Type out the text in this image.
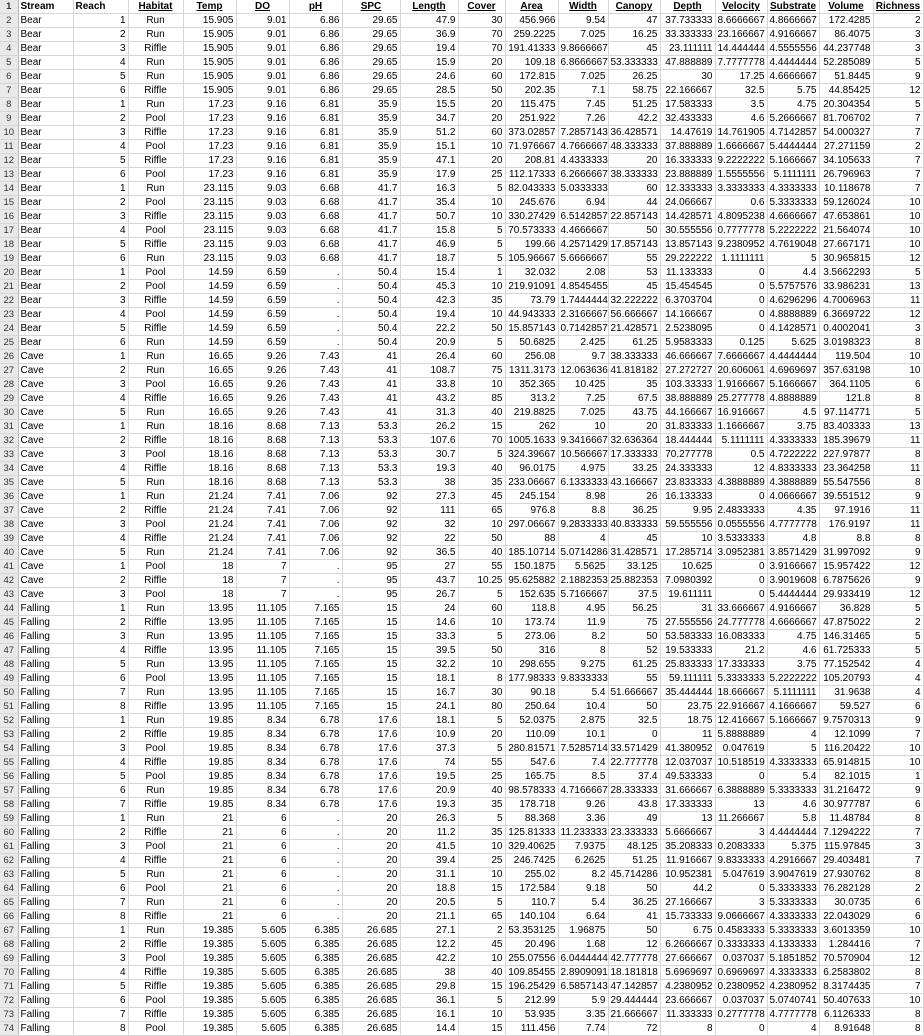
1	Stream	Reach	Habitat	Temp	DO	pH	SPC	Length	Cover	Area	Width	Canopy	Depth	Velocity	Substrate	Volume	Richness
2	Bear	1	Run	15.905	9.01	6.86	29.65	47.9	30	456.966	9.54	47	37.733333	8.6666667	4.8666667	172.4285	2
3	Bear	2	Run	15.905	9.01	6.86	29.65	36.9	70	259.2225	7.025	16.25	33.333333	23.166667	4.9166667	86.4075	3
4	Bear	3	Riffle	15.905	9.01	6.86	29.65	19.4	70	191.41333	9.8666667	45	23.111111	14.444444	4.5555556	44.237748	3
5	Bear	4	Run	15.905	9.01	6.86	29.65	15.9	20	109.18	6.8666667	53.333333	47.888889	7.7777778	4.4444444	52.285089	5
6	Bear	5	Run	15.905	9.01	6.86	29.65	24.6	60	172.815	7.025	26.25	30	17.25	4.6666667	51.8445	9
7	Bear	6	Riffle	15.905	9.01	6.86	29.65	28.5	50	202.35	7.1	58.75	22.166667	32.5	5.75	44.85425	12
8	Bear	1	Run	17.23	9.16	6.81	35.9	15.5	20	115.475	7.45	51.25	17.583333	3.5	4.75	20.304354	5
9	Bear	2	Pool	17.23	9.16	6.81	35.9	34.7	20	251.922	7.26	42.2	32.433333	4.6	5.2666667	81.706702	7
10	Bear	3	Riffle	17.23	9.16	6.81	35.9	51.2	60	373.02857	7.2857143	36.428571	14.47619	14.761905	4.7142857	54.000327	7
11	Bear	4	Pool	17.23	9.16	6.81	35.9	15.1	10	71.976667	4.7666667	48.333333	37.888889	1.6666667	5.4444444	27.271159	2
12	Bear	5	Riffle	17.23	9.16	6.81	35.9	47.1	20	208.81	4.4333333	20	16.333333	9.2222222	5.1666667	34.105633	7
13	Bear	6	Pool	17.23	9.16	6.81	35.9	17.9	25	112.17333	6.2666667	38.333333	23.888889	1.5555556	5.1111111	26.796963	7
14	Bear	1	Run	23.115	9.03	6.68	41.7	16.3	5	82.043333	5.0333333	60	12.333333	3.3333333	4.3333333	10.118678	7
15	Bear	2	Pool	23.115	9.03	6.68	41.7	35.4	10	245.676	6.94	44	24.066667	0.6	5.3333333	59.126024	10
16	Bear	3	Riffle	23.115	9.03	6.68	41.7	50.7	10	330.27429	6.5142857	22.857143	14.428571	4.8095238	4.6666667	47.653861	10
17	Bear	4	Pool	23.115	9.03	6.68	41.7	15.8	5	70.573333	4.4666667	50	30.555556	0.7777778	5.2222222	21.564074	10
18	Bear	5	Riffle	23.115	9.03	6.68	41.7	46.9	5	199.66	4.2571429	17.857143	13.857143	9.2380952	4.7619048	27.667171	10
19	Bear	6	Run	23.115	9.03	6.68	41.7	18.7	5	105.96667	5.6666667	55	29.222222	1.1111111	5	30.965815	12
20	Bear	1	Pool	14.59	6.59	.	50.4	15.4	1	32.032	2.08	53	11.133333	0	4.4	3.5662293	5
21	Bear	2	Pool	14.59	6.59	.	50.4	45.3	10	219.91091	4.8545455	45	15.454545	0	5.5757576	33.986231	13
22	Bear	3	Riffle	14.59	6.59	.	50.4	42.3	35	73.79	1.7444444	32.222222	6.3703704	0	4.6296296	4.7006963	11
23	Bear	4	Pool	14.59	6.59	.	50.4	19.4	10	44.943333	2.3166667	56.666667	14.166667	0	4.8888889	6.3669722	12
24	Bear	5	Riffle	14.59	6.59	.	50.4	22.2	50	15.857143	0.7142857	21.428571	2.5238095	0	4.1428571	0.4002041	3
25	Bear	6	Run	14.59	6.59	.	50.4	20.9	5	50.6825	2.425	61.25	5.9583333	0.125	5.625	3.0198323	8
26	Cave	1	Run	16.65	9.26	7.43	41	26.4	60	256.08	9.7	38.333333	46.666667	7.6666667	4.4444444	119.504	10
27	Cave	2	Run	16.65	9.26	7.43	41	108.7	75	1311.3173	12.063636	41.818182	27.272727	20.606061	4.6969697	357.63198	10
28	Cave	3	Pool	16.65	9.26	7.43	41	33.8	10	352.365	10.425	35	103.33333	1.9166667	5.1666667	364.1105	6
29	Cave	4	Riffle	16.65	9.26	7.43	41	43.2	85	313.2	7.25	67.5	38.888889	25.277778	4.8888889	121.8	8
30	Cave	5	Run	16.65	9.26	7.43	41	31.3	40	219.8825	7.025	43.75	44.166667	16.916667	4.5	97.114771	5
31	Cave	1	Run	18.16	8.68	7.13	53.3	26.2	15	262	10	20	31.833333	1.1666667	3.75	83.403333	13
32	Cave	2	Riffle	18.16	8.68	7.13	53.3	107.6	70	1005.1633	9.3416667	32.636364	18.444444	5.1111111	4.3333333	185.39679	11
33	Cave	3	Pool	18.16	8.68	7.13	53.3	30.7	5	324.39667	10.566667	17.333333	70.277778	0.5	4.7222222	227.97877	8
34	Cave	4	Riffle	18.16	8.68	7.13	53.3	19.3	40	96.0175	4.975	33.25	24.333333	12	4.8333333	23.364258	11
35	Cave	5	Run	18.16	8.68	7.13	53.3	38	35	233.06667	6.1333333	43.166667	23.833333	4.3888889	4.3888889	55.547556	8
36	Cave	1	Run	21.24	7.41	7.06	92	27.3	45	245.154	8.98	26	16.133333	0	4.0666667	39.551512	9
37	Cave	2	Riffle	21.24	7.41	7.06	92	111	65	976.8	8.8	36.25	9.95	2.4833333	4.35	97.1916	11
38	Cave	3	Pool	21.24	7.41	7.06	92	32	10	297.06667	9.2833333	40.833333	59.555556	0.0555556	4.7777778	176.9197	11
39	Cave	4	Riffle	21.24	7.41	7.06	92	22	50	88	4	45	10	3.5333333	4.8	8.8	8
40	Cave	5	Run	21.24	7.41	7.06	92	36.5	40	185.10714	5.0714286	31.428571	17.285714	3.0952381	3.8571429	31.997092	9
41	Cave	1	Pool	18	7	.	95	27	55	150.1875	5.5625	33.125	10.625	0	3.9166667	15.957422	12
42	Cave	2	Riffle	18	7	.	95	43.7	10.25	95.625882	2.1882353	25.882353	7.0980392	0	3.9019608	6.7875626	9
43	Cave	3	Pool	18	7	.	95	26.7	5	152.635	5.7166667	37.5	19.611111	0	5.4444444	29.933419	12
44	Falling	1	Run	13.95	11.105	7.165	15	24	60	118.8	4.95	56.25	31	33.666667	4.9166667	36.828	5
45	Falling	2	Riffle	13.95	11.105	7.165	15	14.6	10	173.74	11.9	75	27.555556	24.777778	4.6666667	47.875022	2
46	Falling	3	Run	13.95	11.105	7.165	15	33.3	5	273.06	8.2	50	53.583333	16.083333	4.75	146.31465	5
47	Falling	4	Riffle	13.95	11.105	7.165	15	39.5	50	316	8	52	19.533333	21.2	4.6	61.725333	5
48	Falling	5	Run	13.95	11.105	7.165	15	32.2	10	298.655	9.275	61.25	25.833333	17.333333	3.75	77.152542	4
49	Falling	6	Pool	13.95	11.105	7.165	15	18.1	8	177.98333	9.8333333	55	59.111111	5.3333333	5.2222222	105.20793	4
50	Falling	7	Run	13.95	11.105	7.165	15	16.7	30	90.18	5.4	51.666667	35.444444	18.666667	5.1111111	31.9638	4
51	Falling	8	Riffle	13.95	11.105	7.165	15	24.1	80	250.64	10.4	50	23.75	22.916667	4.1666667	59.527	6
52	Falling	1	Run	19.85	8.34	6.78	17.6	18.1	5	52.0375	2.875	32.5	18.75	12.416667	5.1666667	9.7570313	9
53	Falling	2	Riffle	19.85	8.34	6.78	17.6	10.9	20	110.09	10.1	0	11	5.8888889	4	12.1099	7
54	Falling	3	Pool	19.85	8.34	6.78	17.6	37.3	5	280.81571	7.5285714	33.571429	41.380952	0.047619	5	116.20422	10
55	Falling	4	Riffle	19.85	8.34	6.78	17.6	74	55	547.6	7.4	22.777778	12.037037	10.518519	4.3333333	65.914815	10
56	Falling	5	Pool	19.85	8.34	6.78	17.6	19.5	25	165.75	8.5	37.4	49.533333	0	5.4	82.1015	1
57	Falling	6	Run	19.85	8.34	6.78	17.6	20.9	40	98.578333	4.7166667	28.333333	31.666667	6.3888889	5.3333333	31.216472	9
58	Falling	7	Riffle	19.85	8.34	6.78	17.6	19.3	35	178.718	9.26	43.8	17.333333	13	4.6	30.977787	6
59	Falling	1	Run	21	6	.	20	26.3	5	88.368	3.36	49	13	11.266667	5.8	11.48784	8
60	Falling	2	Riffle	21	6	.	20	11.2	35	125.81333	11.233333	23.333333	5.6666667	3	4.4444444	7.1294222	7
61	Falling	3	Pool	21	6	.	20	41.5	10	329.40625	7.9375	48.125	35.208333	0.2083333	5.375	115.97845	3
62	Falling	4	Riffle	21	6	.	20	39.4	25	246.7425	6.2625	51.25	11.916667	9.8333333	4.2916667	29.403481	7
63	Falling	5	Run	21	6	.	20	31.1	10	255.02	8.2	45.714286	10.952381	5.047619	3.9047619	27.930762	8
64	Falling	6	Pool	21	6	.	20	18.8	15	172.584	9.18	50	44.2	0	5.3333333	76.282128	2
65	Falling	7	Run	21	6	.	20	20.5	5	110.7	5.4	36.25	27.166667	3	5.3333333	30.0735	6
66	Falling	8	Riffle	21	6	.	20	21.1	65	140.104	6.64	41	15.733333	9.0666667	4.3333333	22.043029	6
67	Falling	1	Run	19.385	5.605	6.385	26.685	27.1	2	53.353125	1.96875	50	6.75	0.4583333	5.3333333	3.6013359	10
68	Falling	2	Riffle	19.385	5.605	6.385	26.685	12.2	45	20.496	1.68	12	6.2666667	0.3333333	4.1333333	1.284416	7
69	Falling	3	Pool	19.385	5.605	6.385	26.685	42.2	10	255.07556	6.0444444	42.777778	27.666667	0.037037	5.1851852	70.570904	12
70	Falling	4	Riffle	19.385	5.605	6.385	26.685	38	40	109.85455	2.8909091	18.181818	5.6969697	0.6969697	4.3333333	6.2583802	8
71	Falling	5	Riffle	19.385	5.605	6.385	26.685	29.8	15	196.25429	6.5857143	47.142857	4.2380952	0.2380952	4.2380952	8.3174435	7
72	Falling	6	Pool	19.385	5.605	6.385	26.685	36.1	5	212.99	5.9	29.444444	23.666667	0.037037	5.0740741	50.407633	10
73	Falling	7	Riffle	19.385	5.605	6.385	26.685	16.1	10	53.935	3.35	21.666667	11.333333	0.2777778	4.7777778	6.1126333	8
74	Falling	8	Pool	19.385	5.605	6.385	26.685	14.4	15	111.456	7.74	72	8	0	4	8.91648	8
